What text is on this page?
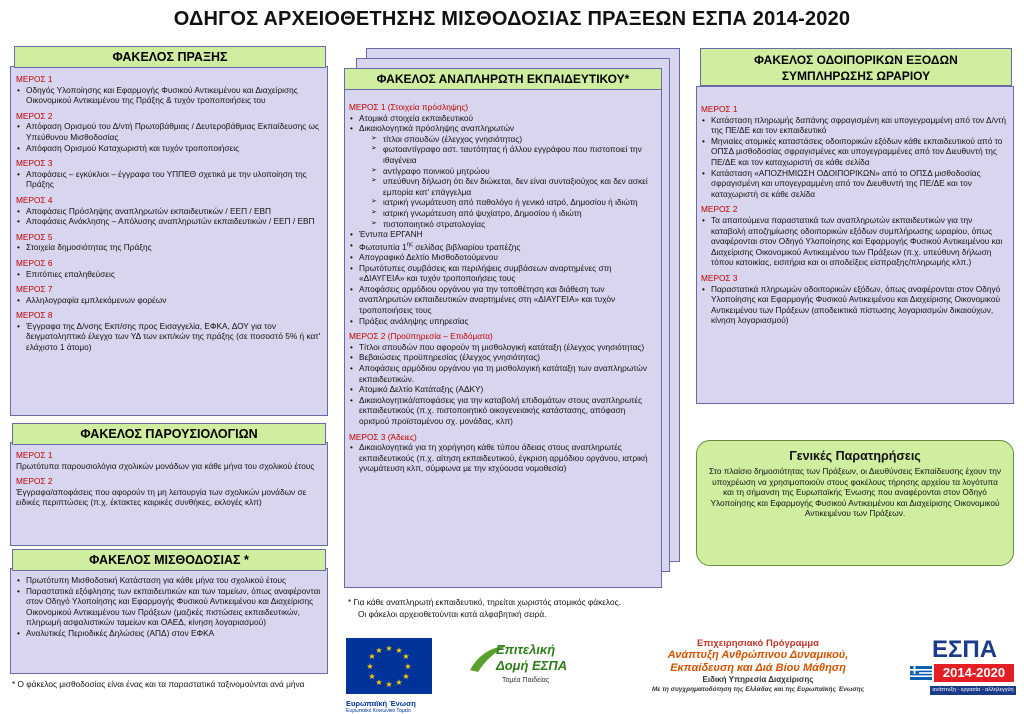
ΟΔΗΓΟΣ ΑΡΧΕΙΟΘΕΤΗΣΗΣ ΜΙΣΘΟΔΟΣΙΑΣ ΠΡΑΞΕΩΝ ΕΣΠΑ 2014-2020
ΦΑΚΕΛΟΣ ΠΡΑΞΗΣ
ΜΕΡΟΣ 1
• Οδηγός Υλοποίησης και Εφαρμογής Φυσικού Αντικειμένου και Διαχείρισης Οικονομικού Αντικειμένου της Πράξης & τυχόν τροποποιήσεις του
ΜΕΡΟΣ 2
• Απόφαση Ορισμού του Δ/ντή Πρωτοβάθμιας / Δευτεροβάθμιας Εκπαίδευσης ως Υπεύθυνου Μισθοδοσίας
• Απόφαση Ορισμού Καταχωριστή και τυχόν τροποποιήσεις
ΜΕΡΟΣ 3
• Αποφάσεις – εγκύκλιοι – έγγραφα του ΥΠΠΕΘ σχετικά με την υλοποίηση της Πράξης
ΜΕΡΟΣ 4
• Αποφάσεις Πρόσληψης αναπληρωτών εκπαιδευτικών / ΕΕΠ / ΕΒΠ
• Αποφάσεις Ανάκλησης – Απόλυσης αναπληρωτών εκπαιδευτικών / ΕΕΠ / ΕΒΠ
ΜΕΡΟΣ 5
• Στοιχεία δημοσιότητας της Πράξης
ΜΕΡΟΣ 6
• Επιτόπιες επαληθεύσεις
ΜΕΡΟΣ 7
• Αλληλογραφία εμπλεκόμενων φορέων
ΜΕΡΟΣ 8
• Έγγραφα της Δ/νσης Εκπ/σης προς Εισαγγελία, ΕΦΚΑ, ΔΟΥ για τον δειγματοληπτικό έλεγχο των ΥΔ των εκπ/κών της πράξης (σε ποσοστό 5% ή κατ' ελάχιστο 1 άτομο)
ΦΑΚΕΛΟΣ ΠΑΡΟΥΣΙΟΛΟΓΙΩΝ
ΜΕΡΟΣ 1
Πρωτότυπα παρουσιολόγια σχολικών μονάδων για κάθε μήνα του σχολικού έτους
ΜΕΡΟΣ 2
Έγγραφα/αποφάσεις που αφορούν τη μη λειτουργία των σχολικών μονάδων σε ειδικές περιπτώσεις (π.χ. έκτακτες καιρικές συνθήκες, εκλογές κλπ)
ΦΑΚΕΛΟΣ ΜΙΣΘΟΔΟΣΙΑΣ *
• Πρωτότυπη Μισθοδοτική Κατάσταση για κάθε μήνα του σχολικού έτους
• Παραστατικά εξόφλησης των εκπαιδευτικών και των ταμείων, όπως αναφέρονται στον Οδηγό Υλοποίησης και Εφαρμογής Φυσικού Αντικειμένου και Διαχείρισης Οικονομικού Αντικειμένου των Πράξεων (μαζικές πιστώσεις εκπαιδευτικών, πληρωμή ασφαλιστικών ταμείων και ΟΑΕΔ, κίνηση λογαριασμού)
• Αναλυτικές Περιοδικές Δηλώσεις (ΑΠΔ) στον ΕΦΚΑ
* Ο φάκελος μισθοδοσίας είναι ένας και τα παραστατικά ταξινομούνται ανά μήνα
ΦΑΚΕΛΟΣ ΑΝΑΠΛΗΡΩΤΗ ΕΚΠΑΙΔΕΥΤΙΚΟΥ*
ΜΕΡΟΣ 1 (Στοιχεία πρόσληψης)
• Ατομικά στοιχεία εκπαιδευτικού
• Δικαιολογητικά πρόσληψης αναπληρωτών
➢ τίτλοι σπουδών (έλεγχος γνησιότητας)
➢ φωτοαντίγραφο αστ. ταυτότητας ή άλλου εγγράφου που πιστοποιεί την ιθαγένεια
➢ αντίγραφο ποινικού μητρώου
➢ υπεύθυνη δήλωση ότι δεν διώκεται, δεν είναι συνταξιούχος και δεν ασκεί εμπορία κατ' επάγγελμα
➢ ιατρική γνωμάτευση από παθολόγο ή γενικό ιατρό, Δημοσίου ή ιδιώτη
➢ ιατρική γνωμάτευση από ψυχίατρο, Δημοσίου ή ιδιώτη
➢ πιστοποιητικό στρατολογίας
• Έντυπα ΕΡΓΑΝΗ
• Φωτοτυπία $1^{\eta\varsigma}$ σελίδας βιβλιαρίου τραπέζης
• Απογραφικό Δελτίο Μισθοδοτούμενου
• Πρωτότυπες συμβάσεις και περιλήψεις συμβάσεων αναρτημένες στη «ΔΙΑΥΓΕΙΑ» και τυχόν τροποποιήσεις τους
• Αποφάσεις αρμόδιου οργάνου για την τοποθέτηση και διάθεση των αναπληρωτών εκπαιδευτικών αναρτημένες στη «ΔΙΑΥΓΕΙΑ» και τυχόν τροποποιήσεις τους
• Πράξεις ανάληψης υπηρεσίας
ΜΕΡΟΣ 2 (Προϋπηρεσία – Επιδόματα)
• Τίτλοι σπουδών που αφορούν τη μισθολογική κατάταξη (έλεγχος γνησιότητας)
• Βεβαιώσεις προϋπηρεσίας (έλεγχος γνησιότητας)
• Αποφάσεις αρμόδιου οργάνου για τη μισθολογική κατάταξη των αναπληρωτών εκπαιδευτικών.
• Ατομικό Δελτίο Κατάταξης (ΑΔΚΥ)
• Δικαιολογητικά/αποφάσεις για την καταβολή επιδομάτων στους αναπληρωτές εκπαιδευτικούς (π.χ. πιστοποιητικό οικογενειακής κατάστασης, απόφαση ορισμού προϊσταμένου σχ. μονάδας, κλπ)
ΜΕΡΟΣ 3 (Άδειες)
• Δικαιολογητικά για τη χορήγηση κάθε τύπου άδειας στους αναπληρωτές εκπαιδευτικούς (π.χ. αίτηση εκπαιδευτικού, έγκριση αρμόδιου οργάνου, ιατρική γνωμάτευση κλπ, σύμφωνα με την ισχύουσα νομοθεσία)
* Για κάθε αναπληρωτή εκπαιδευτικό, τηρείται χωριστός ατομικός φάκελος.
Οι φάκελοι αρχειοθετούνται κατά αλφαβητική σειρά.
ΦΑΚΕΛΟΣ ΟΔΟΙΠΟΡΙΚΩΝ ΕΞΟΔΩΝ ΣΥΜΠΛΗΡΩΣΗΣ ΩΡΑΡΙΟΥ
ΜΕΡΟΣ 1
• Κατάσταση πληρωμής δαπάνης σφραγισμένη και υπογεγραμμένη από τον Δ/ντή της ΠΕ/ΔΕ και τον εκπαιδευτικό
• Μηνιαίες ατομικές καταστάσεις οδοιπορικών εξόδων κάθε εκπαιδευτικού από το ΟΠΣΔ μισθοδοσίας σφραγισμένες και υπογεγραμμένες από τον Διευθυντή της ΠΕ/ΔΕ και τον καταχωριστή σε κάθε σελίδα
• Κατάσταση «ΑΠΟΖΗΜΙΩΣΗ ΟΔΟΙΠΟΡΙΚΩΝ» από το ΟΠΣΔ μισθοδοσίας σφραγισμένη και υπογεγραμμένη από τον Διευθυντή της ΠΕ/ΔΕ και τον καταχωριστή σε κάθε σελίδα
ΜΕΡΟΣ 2
• Τα απαιτούμενα παραστατικά των αναπληρωτών εκπαιδευτικών για την καταβολή αποζημίωσης οδοιπορικών εξόδων συμπλήρωσης ωραρίου, όπως αναφέρονται στον Οδηγό Υλοποίησης και Εφαρμογής Φυσικού Αντικειμένου και Διαχείρισης Οικονομικού Αντικειμένου των Πράξεων (π.χ. υπεύθυνη δήλωση τόπου κατοικίας, εισιτήρια και οι αποδείξεις είσπραξης/πληρωμής κλπ.)
ΜΕΡΟΣ 3
• Παραστατικά πληρωμών οδοιπορικών εξόδων, όπως αναφέρονται στον Οδηγό Υλοποίησης και Εφαρμογής Φυσικού Αντικειμένου και Διαχείρισης Οικονομικού Αντικειμένου των Πράξεων (αποδεικτικά πίστωσης λογαριασμών δικαιούχων, κίνηση λογαριασμού)
Γενικές Παρατηρήσεις
Στο πλαίσιο δημοσιότητας των Πράξεων, οι Διευθύνσεις Εκπαίδευσης έχουν την υποχρέωση να χρησιμοποιούν στους φακέλους τήρησης αρχείου τα λογότυπα και τη σήμανση της Ευρωπαϊκής Ένωσης που αναφέρονται στον Οδηγό Υλοποίησης και Εφαρμογής Φυσικού Αντικειμένου και Διαχείρισης Οικονομικού Αντικειμένου των Πράξεων.
★ ★
★
★
★
★
★
★
★
★
★
★
Ευρωπαϊκή Ένωση
Ευρωπαϊκό Κοινωνικό Ταμείο
Επιτελική
Δομή ΕΣΠΑ
Τομέα Παιδείας
Επιχειρησιακό Πρόγραμμα
Ανάπτυξη Ανθρώπινου Δυναμικού,
Εκπαίδευση και Διά Βίου Μάθηση
Ειδική Υπηρεσία Διαχείρισης
Με τη συγχρηματοδότηση της Ελλάδας και της Ευρωπαϊκής Ένωσης
ΕΣΠΑ
2014-2020
ανάπτυξη - εργασία - αλληλεγγύη
